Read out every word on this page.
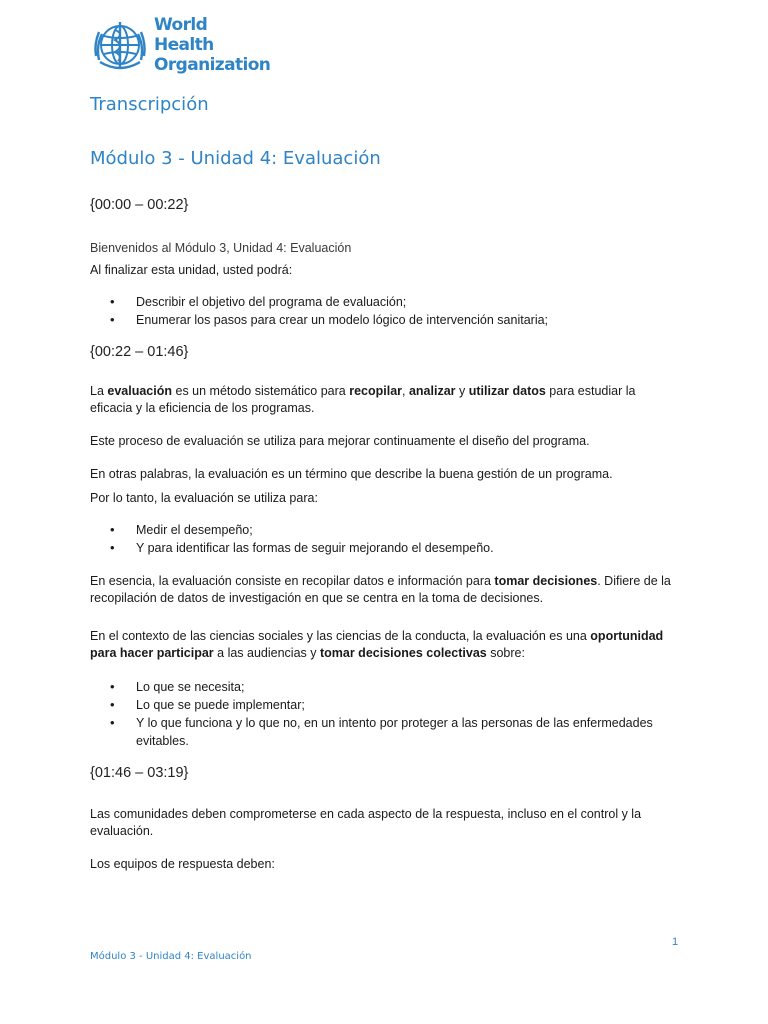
World Health
Organization
Transcripción
Módulo 3 - Unidad 4: Evaluación
{00:00 – 00:22}

Bienvenidos al Módulo 3, Unidad 4: Evaluación

Al finalizar esta unidad, usted podrá:

• Describir el objetivo del programa de evaluación;
• Enumerar los pasos para crear un modelo lógico de intervención sanitaria;
{00:22 – 01:46}

La evaluación es un método sistemático para recopilar, analizar y utilizar datos para estudiar la eficacia y la eficiencia de los programas.

Este proceso de evaluación se utiliza para mejorar continuamente el diseño del programa.

En otras palabras, la evaluación es un término que describe la buena gestión de un programa.

Por lo tanto, la evaluación se utiliza para:

• Medir el desempeño;
• Y para identificar las formas de seguir mejorando el desempeño.

En esencia, la evaluación consiste en recopilar datos e información para tomar decisiones. Difiere de la recopilación de datos de investigación en que se centra en la toma de decisiones.

En el contexto de las ciencias sociales y las ciencias de la conducta, la evaluación es una oportunidad para hacer participar a las audiencias y tomar decisiones colectivas sobre:

• Lo que se necesita;
• Lo que se puede implementar;
• Y lo que funciona y lo que no, en un intento por proteger a las personas de las enfermedades evitables.
{01:46 – 03:19}

Las comunidades deben comprometerse en cada aspecto de la respuesta, incluso en el control y la evaluación.

Los equipos de respuesta deben:

1
Módulo 3 - Unidad 4: Evaluación
